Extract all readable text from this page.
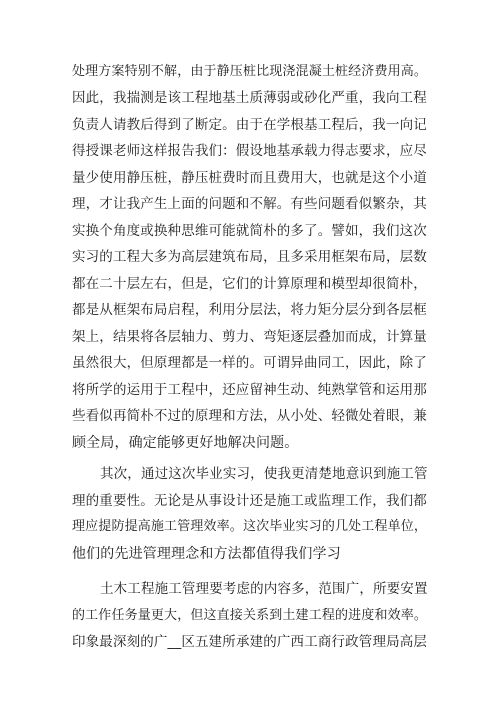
处理方案特别不解，由于静压桩比现浇混凝土桩经济费用高。
因此，我揣测是该工程地基土质薄弱或砂化严重，我向工程
负责人请教后得到了断定。由于在学根基工程后，我一向记
得授课老师这样报告我们：假设地基承载力得志要求，应尽
量少使用静压桩，静压桩费时而且费用大，也就是这个小道
理，才让我产生上面的问题和不解。有些问题看似繁杂，其
实换个角度或换种思维可能就简朴的多了。譬如，我们这次
实习的工程大多为高层建筑布局，且多采用框架布局，层数
都在二十层左右，但是，它们的计算原理和模型却很简朴，
都是从框架布局启程，利用分层法，将力矩分层分到各层框
架上，结果将各层轴力、剪力、弯矩逐层叠加而成，计算量
虽然很大，但原理都是一样的。可谓异曲同工，因此，除了
将所学的运用于工程中，还应留神生动、纯熟掌管和运用那
些看似再简朴不过的原理和方法，从小处、轻微处着眼，兼
顾全局，确定能够更好地解决问题。
其次，通过这次毕业实习，使我更清楚地意识到施工管
理的重要性。无论是从事设计还是施工或监理工作，我们都
理应提防提高施工管理效率。这次毕业实习的几处工程单位，
他们的先进管理理念和方法都值得我们学习
土木工程施工管理要考虑的内容多，范围广，所要安置
的工作任务量更大，但这直接关系到土建工程的进度和效率。
印象最深刻的广__区五建所承建的广西工商行政管理局高层
